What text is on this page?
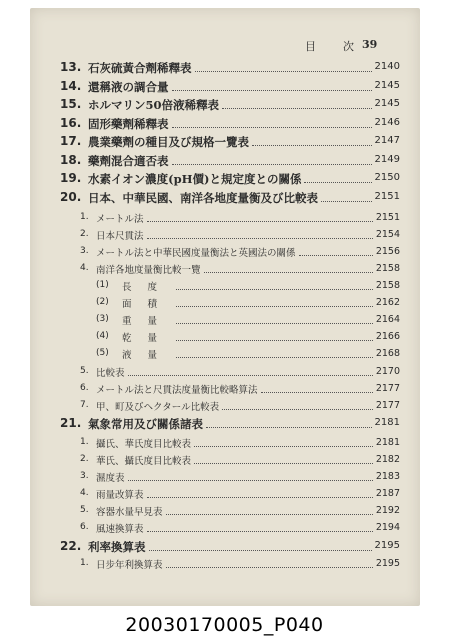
目　次 39
13. 石灰硫黃合劑稀釋表	2140
14. 還稱液の調合量	2145
15. ホルマリン50倍液稀釋表	2145
16. 固形藥劑稀釋表	2146
17. 農業藥劑の種目及び規格一覽表	2147
18. 藥劑混合適否表	2149
19. 水素イオン濃度(pH價)と規定度との關係	2150
20. 日本、中華民國、南洋各地度量衡及び比較表	2151
1. メートル法	2151
2. 日本尺貫法	2154
3. メートル法と中華民國度量衡法と英國法の關係	2156
4. 南洋各地度量衡比較一覽	2158
(1) 長度	2158
(2) 面積	2162
(3) 重量	2164
(4) 乾量	2166
(5) 液量	2168
5. 比較表	2170
6. メートル法と尺貫法度量衡比較略算法	2177
7. 甲、町及びヘクタール比較表	2177
21. 氣象常用及び關係諸表	2181
1. 攝氏、華氏度目比較表	2181
2. 華氏、攝氏度目比較表	2182
3. 濕度表	2183
4. 雨量改算表	2187
5. 容器水量早見表	2192
6. 風速換算表	2194
22. 利率換算表	2195
1. 日步年利換算表	2195
20030170005_P040
